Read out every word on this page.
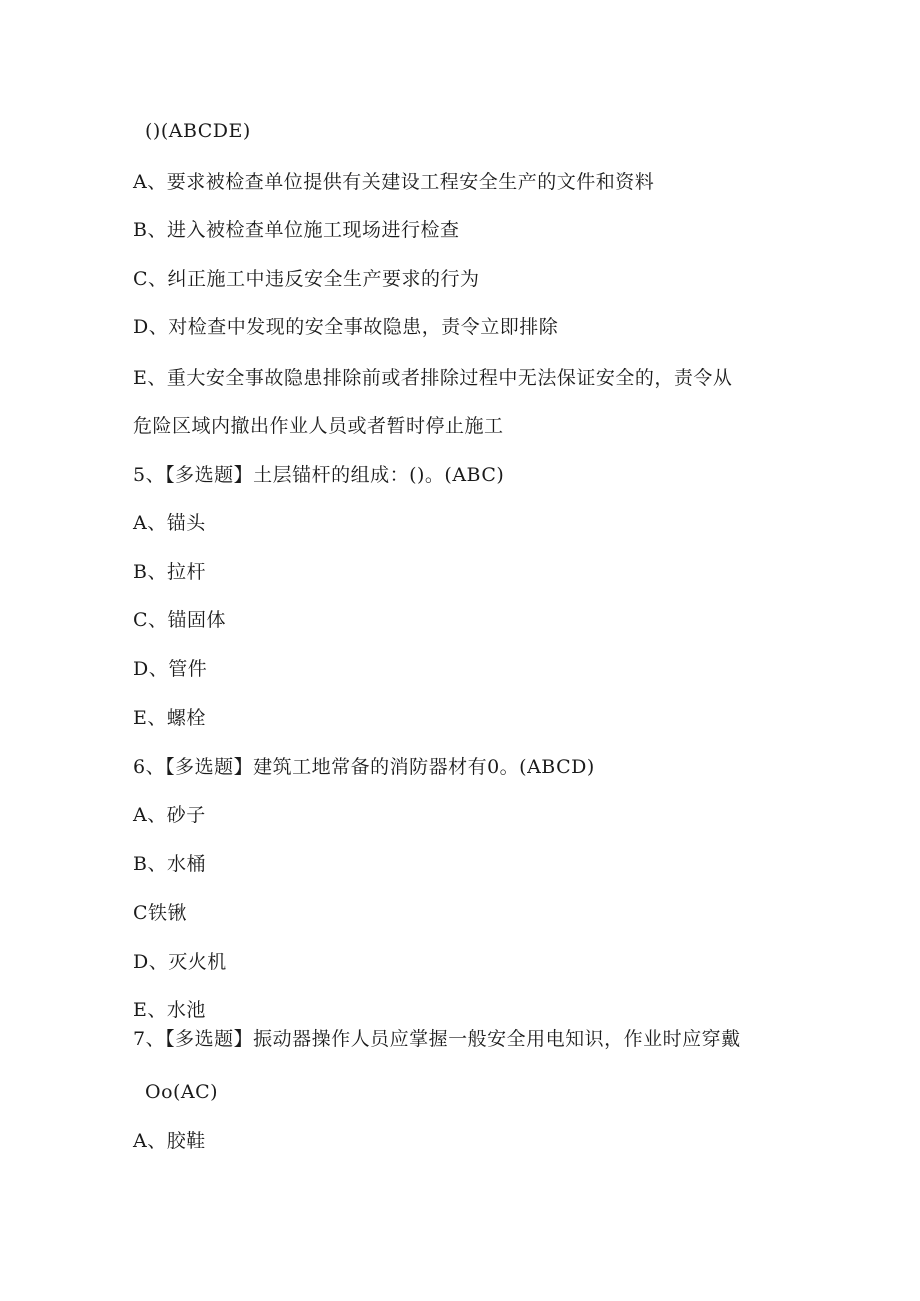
()(ABCDE)
A、要求被检查单位提供有关建设工程安全生产的文件和资料
B、进入被检查单位施工现场进行检查
C、纠正施工中违反安全生产要求的行为
D、对检查中发现的安全事故隐患，责令立即排除
E、重大安全事故隐患排除前或者排除过程中无法保证安全的，责令从
危险区域内撤出作业人员或者暂时停止施工
5、【多选题】土层锚杆的组成：()。(ABC)
A、锚头
B、拉杆
C、锚固体
D、管件
E、螺栓
6、【多选题】建筑工地常备的消防器材有0。(ABCD)
A、砂子
B、水桶
C铁锹
D、灭火机
E、水池
7、【多选题】振动器操作人员应掌握一般安全用电知识，作业时应穿戴
Oo(AC)
A、胶鞋
